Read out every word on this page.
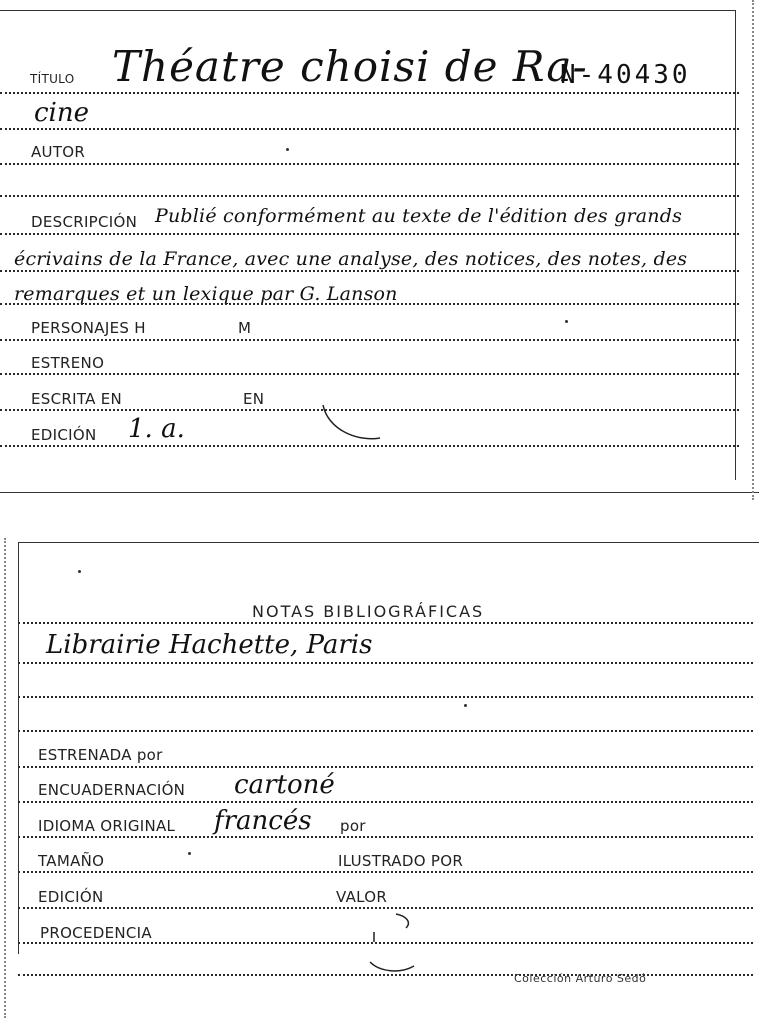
TÍTULO Théatre choisi de Ra-
N-40430
cine
AUTOR
DESCRIPCIÓN Publié conformément au texte de l'édition des grands
écrivains de la France, avec une analyse, des notices, des notes, des
remarques et un lexique par G. Lanson
PERSONAJES H	M
ESTRENO
ESCRITA EN	EN
EDICIÓN 1. a.
NOTAS BIBLIOGRÁFICAS
Librairie Hachette, Paris
ESTRENADA por
ENCUADERNACIÓN cartoné
IDIOMA ORIGINAL francés por
TAMAÑO	ILUSTRADO POR
EDICIÓN	VALOR
PROCEDENCIA
Colección Arturo Sedó
